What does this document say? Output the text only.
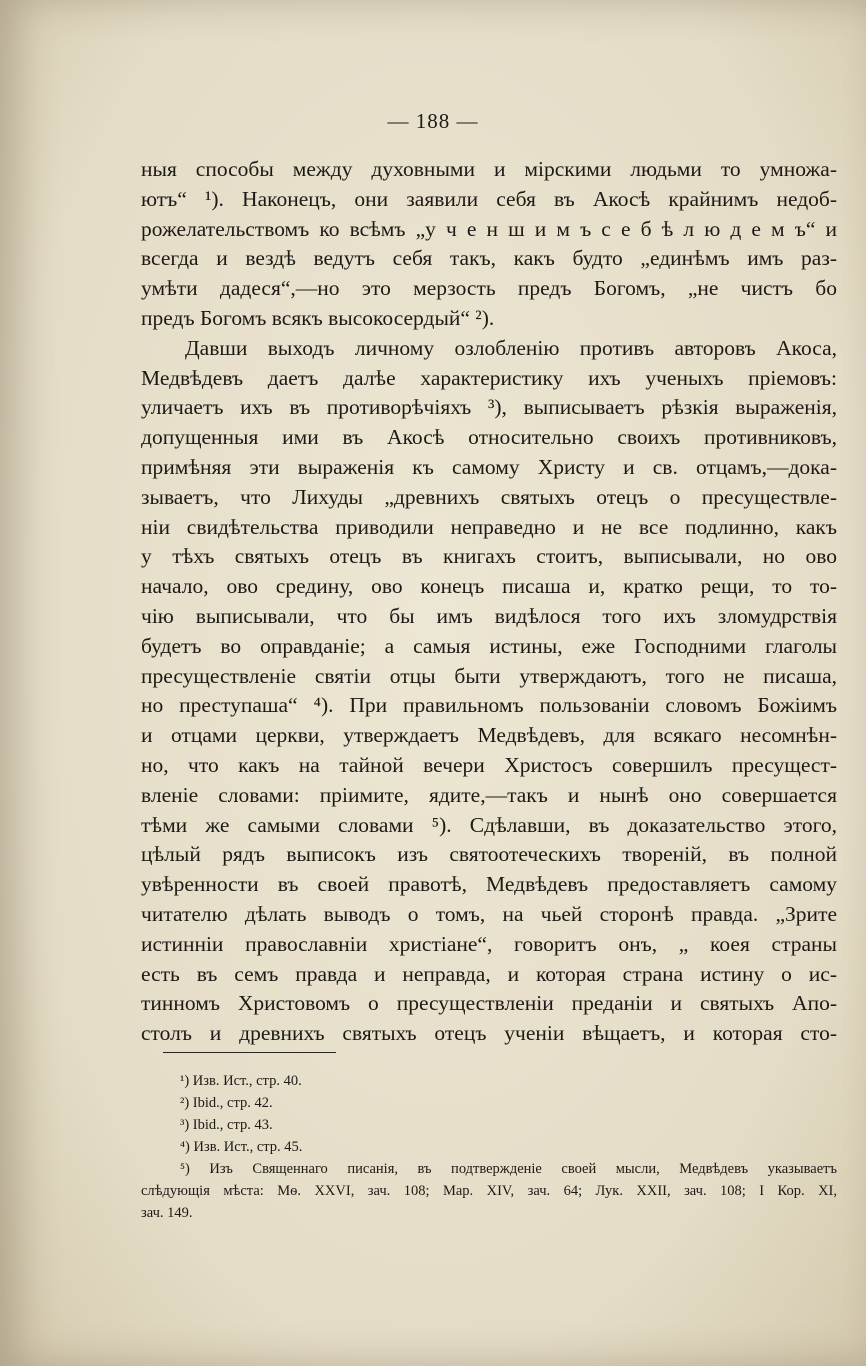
— 188 —
ныя способы между духовными и мірскими людьми то умножа-
ютъ“ ¹). Наконецъ, они заявили себя въ Акосѣ крайнимъ недоб-
рожелательствомъ ко всѣмъ „у ч е н ш и м ъ с е б ѣ л ю д е м ъ“ и
всегда и вездѣ ведутъ себя такъ, какъ будто „единѣмъ имъ раз-
умѣти дадеся“,—но это мерзость предъ Богомъ, „не чистъ бо
предъ Богомъ всякъ высокосердый“ ²).
Давши выходъ личному озлобленію противъ авторовъ Акоса,
Медвѣдевъ даетъ далѣе характеристику ихъ ученыхъ пріемовъ:
уличаетъ ихъ въ противорѣчіяхъ ³), выписываетъ рѣзкія выраженія,
допущенныя ими въ Акосѣ относительно своихъ противниковъ,
примѣняя эти выраженія къ самому Христу и св. отцамъ,—дока-
зываетъ, что Лихуды „древнихъ святыхъ отецъ о пресуществле-
ніи свидѣтельства приводили неправедно и не все подлинно, какъ
у тѣхъ святыхъ отецъ въ книгахъ стоитъ, выписывали, но ово
начало, ово средину, ово конецъ писаша и, кратко рещи, то то-
чію выписывали, что бы имъ видѣлося того ихъ зломудрствія
будетъ во оправданіе; а самыя истины, еже Господними глаголы
пресуществленіе святіи отцы быти утверждаютъ, того не писаша,
но преступаша“ ⁴). При правильномъ пользованіи словомъ Божіимъ
и отцами церкви, утверждаетъ Медвѣдевъ, для всякаго несомнѣн-
но, что какъ на тайной вечери Христосъ совершилъ пресущест-
вленіе словами: пріимите, ядите,—такъ и нынѣ оно совершается
тѣми же самыми словами ⁵). Сдѣлавши, въ доказательство этого,
цѣлый рядъ выписокъ изъ святоотеческихъ твореній, въ полной
увѣренности въ своей правотѣ, Медвѣдевъ предоставляетъ самому
читателю дѣлать выводъ о томъ, на чьей сторонѣ правда. „Зрите
истинніи православніи христіане“, говоритъ онъ, „ коея страны
есть въ семъ правда и неправда, и которая страна истину о ис-
тинномъ Христовомъ о пресуществленіи преданіи и святыхъ Апо-
столъ и древнихъ святыхъ отецъ ученіи вѣщаетъ, и которая сто-
¹) Изв. Ист., стр. 40.
²) Ibid., стр. 42.
³) Ibid., стр. 43.
⁴) Изв. Ист., стр. 45.
⁵) Изъ Священнаго писанія, въ подтвержденіе своей мысли, Медвѣдевъ указываетъ
слѣдующія мѣста: Мѳ. XXVI, зач. 108; Мар. XIV, зач. 64; Лук. XXII, зач. 108; I Кор. XI,
зач. 149.
